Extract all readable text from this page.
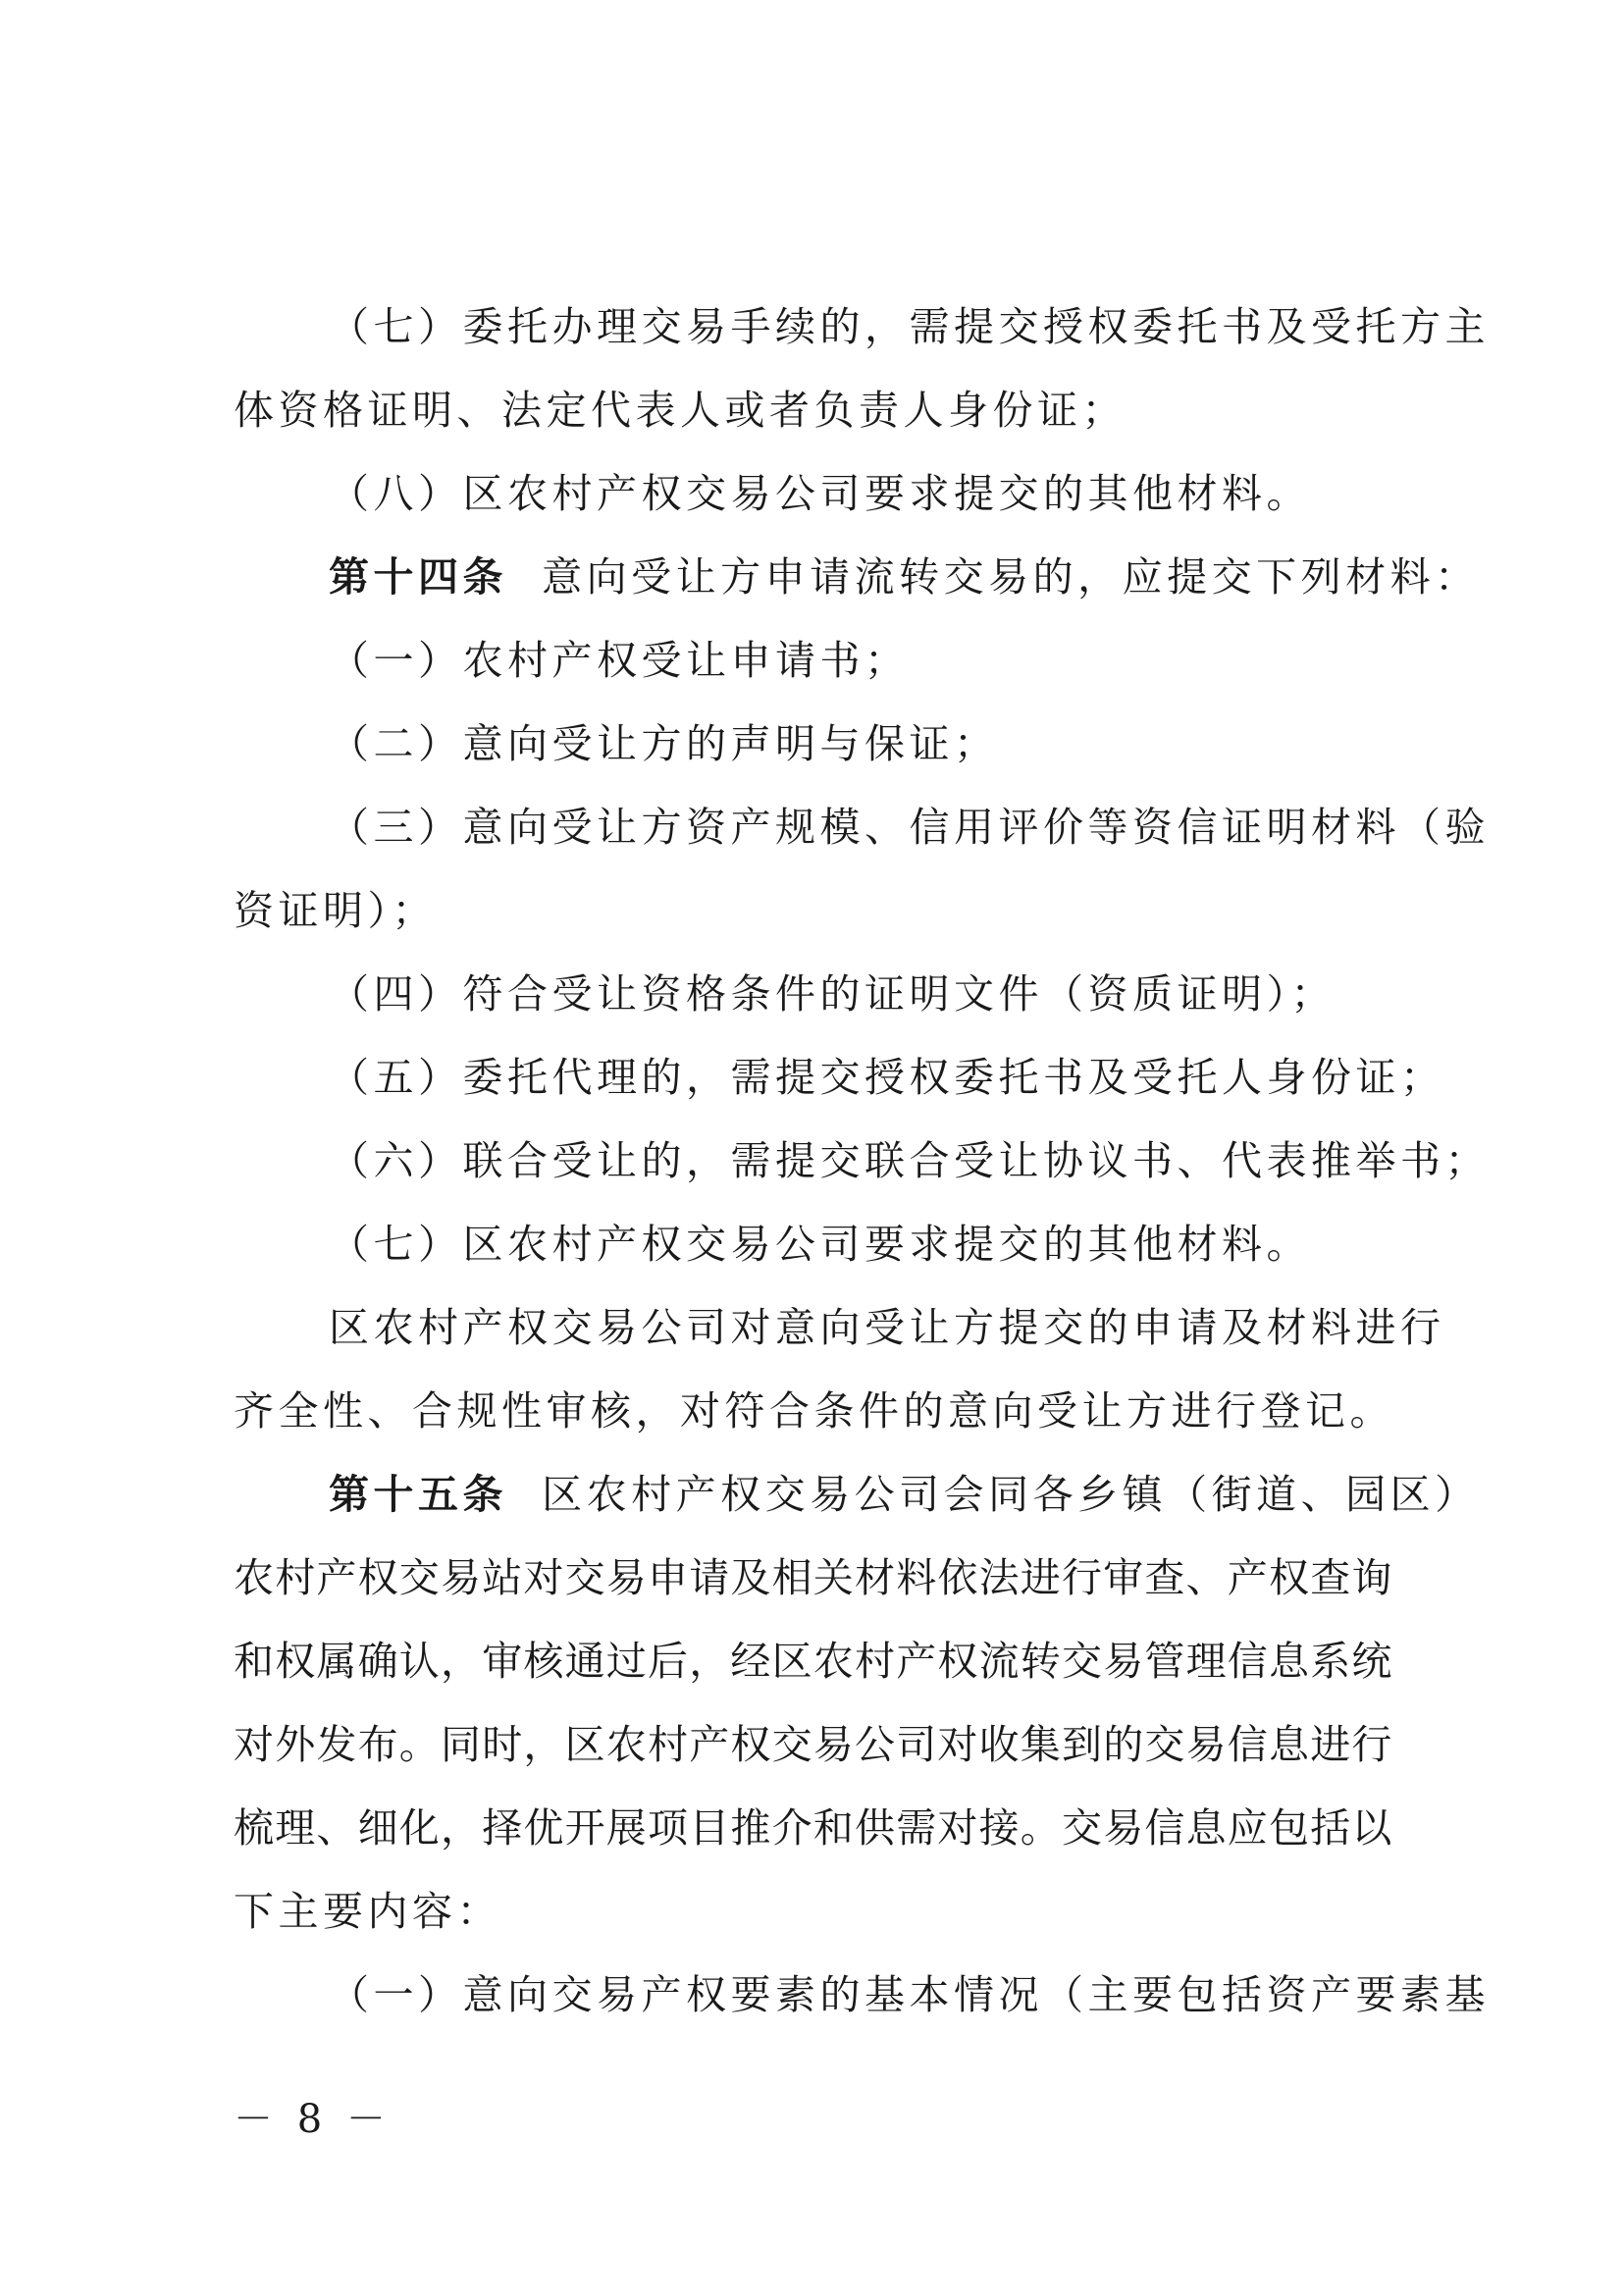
（七）委托办理交易手续的，需提交授权委托书及受托方主
体资格证明、法定代表人或者负责人身份证；
（八）区农村产权交易公司要求提交的其他材料。
第十四条 意向受让方申请流转交易的，应提交下列材料：
（一）农村产权受让申请书；
（二）意向受让方的声明与保证；
（三）意向受让方资产规模、信用评价等资信证明材料（验
资证明）；
（四）符合受让资格条件的证明文件（资质证明）；
（五）委托代理的，需提交授权委托书及受托人身份证；
（六）联合受让的，需提交联合受让协议书、代表推举书；
（七）区农村产权交易公司要求提交的其他材料。
区农村产权交易公司对意向受让方提交的申请及材料进行
齐全性、合规性审核，对符合条件的意向受让方进行登记。
第十五条 区农村产权交易公司会同各乡镇（街道、园区）
农村产权交易站对交易申请及相关材料依法进行审查、产权查询
和权属确认，审核通过后，经区农村产权流转交易管理信息系统
对外发布。同时，区农村产权交易公司对收集到的交易信息进行
梳理、细化，择优开展项目推介和供需对接。交易信息应包括以
下主要内容：
（一）意向交易产权要素的基本情况（主要包括资产要素基
－ 8 －
